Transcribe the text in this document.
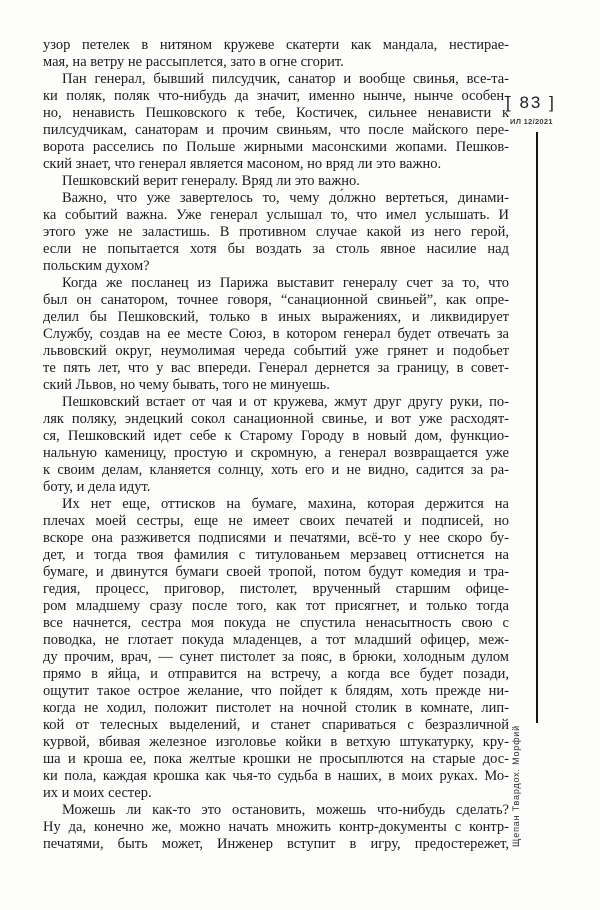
узор петелек в нитяном кружеве скатерти как мандала, нестирае-
мая, на ветру не рассыплется, зато в огне сгорит.
Пан генерал, бывший пилсудчик, санатор и вообще свинья, все-та-
ки поляк, поляк что-нибудь да значит, именно нынче, нынче особен-
но, ненависть Пешковского к тебе, Костичек, сильнее ненависти к
пилсудчикам, санаторам и прочим свиньям, что после майского пере-
ворота расселись по Польше жирными масонскими жопами. Пешков-
ский знает, что генерал является масоном, но вряд ли это важно.
Пешковский верит генералу. Вряд ли это важно.
Важно, что уже завертелось то, чему до́лжно вертеться, динами-
ка событий важна. Уже генерал услышал то, что имел услышать. И
этого уже не заластишь. В противном случае какой из него герой,
если не попытается хотя бы воздать за столь явное насилие над
польским духом?
Когда же посланец из Парижа выставит генералу счет за то, что
был он санатором, точнее говоря, “санационной свиньей”, как опре-
делил бы Пешковский, только в иных выражениях, и ликвидирует
Службу, создав на ее месте Союз, в котором генерал будет отвечать за
львовский округ, неумолимая череда событий уже грянет и подобьет
те пять лет, что у вас впереди. Генерал дернется за границу, в совет-
ский Львов, но чему бывать, того не минуешь.
Пешковский встает от чая и от кружева, жмут друг другу руки, по-
ляк поляку, эндецкий сокол санационной свинье, и вот уже расходят-
ся, Пешковский идет себе к Старому Городу в новый дом, функцио-
нальную каменицу, простую и скромную, а генерал возвращается уже
к своим делам, кланяется солнцу, хоть его и не видно, садится за ра-
боту, и дела идут.
Их нет еще, оттисков на бумаге, махина, которая держится на
плечах моей сестры, еще не имеет своих печатей и подписей, но
вскоре она разживется подписями и печатями, всё-то у нее скоро бу-
дет, и тогда твоя фамилия с титулованьем мерзавец оттиснется на
бумаге, и двинутся бумаги своей тропой, потом будут комедия и тра-
гедия, процесс, приговор, пистолет, врученный старшим офице-
ром младшему сразу после того, как тот присягнет, и только тогда
все начнется, сестра моя покуда не спустила ненасытность свою с
поводка, не глотает покуда младенцев, а тот младший офицер, меж-
ду прочим, врач, — сунет пистолет за пояс, в брюки, холодным дулом
прямо в яйца, и отправится на встречу, а когда все будет позади,
ощутит такое острое желание, что пойдет к блядям, хоть прежде ни-
когда не ходил, положит пистолет на ночной столик в комнате, лип-
кой от телесных выделений, и станет спариваться с безразличной
курвой, вбивая железное изголовье койки в ветхую штукатурку, кру-
ша и кроша ее, пока желтые крошки не просыплются на старые дос-
ки пола, каждая крошка как чья-то судьба в наших, в моих руках. Мо-
их и моих сестер.
Можешь ли как-то это остановить, можешь что-нибудь сделать?
Ну да, конечно же, можно начать множить контр-документы с контр-
печатями, быть может, Инженер вступит в игру, предостережет,
[ 83 ]
ИЛ 12/2021
Щепан Твардох. Морфий
